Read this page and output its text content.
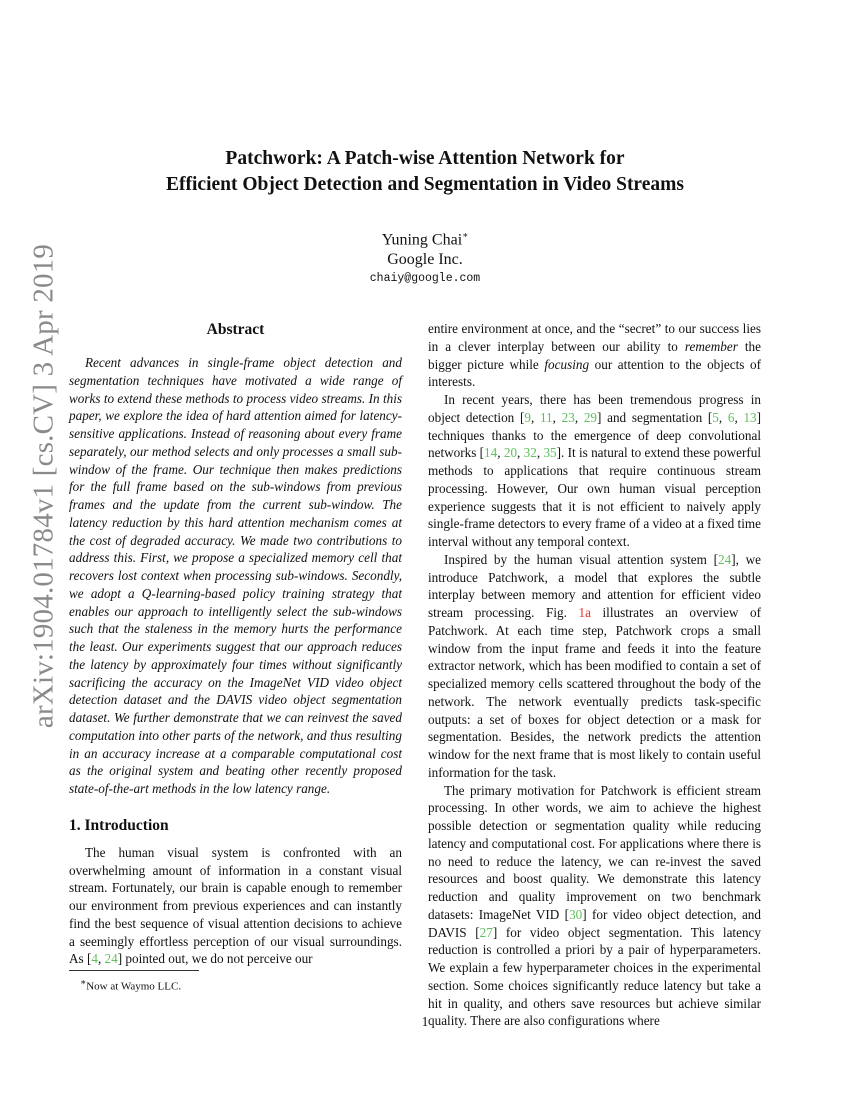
arXiv:1904.01784v1 [cs.CV] 3 Apr 2019
Patchwork: A Patch-wise Attention Network for
Efficient Object Detection and Segmentation in Video Streams
Yuning Chai∗
Google Inc.
chaiy@google.com
Abstract

Recent advances in single-frame object detection and segmentation techniques have motivated a wide range of works to extend these methods to process video streams. In this paper, we explore the idea of hard attention aimed for latency-sensitive applications. Instead of reasoning about every frame separately, our method selects and only processes a small sub-window of the frame. Our technique then makes predictions for the full frame based on the sub-windows from previous frames and the update from the current sub-window. The latency reduction by this hard attention mechanism comes at the cost of degraded accuracy. We made two contributions to address this. First, we propose a specialized memory cell that recovers lost context when processing sub-windows. Secondly, we adopt a Q-learning-based policy training strategy that enables our approach to intelligently select the sub-windows such that the staleness in the memory hurts the performance the least. Our experiments suggest that our approach reduces the latency by approximately four times without significantly sacrificing the accuracy on the ImageNet VID video object detection dataset and the DAVIS video object segmentation dataset. We further demonstrate that we can reinvest the saved computation into other parts of the network, and thus resulting in an accuracy increase at a comparable computational cost as the original system and beating other recently proposed state-of-the-art methods in the low latency range.

1. Introduction

The human visual system is confronted with an overwhelming amount of information in a constant visual stream. Fortunately, our brain is capable enough to remember our environment from previous experiences and can instantly find the best sequence of visual attention decisions to achieve a seemingly effortless perception of our visual surroundings. As [4, 24] pointed out, we do not perceive our

entire environment at once, and the “secret” to our success lies in a clever interplay between our ability to remember the bigger picture while focusing our attention to the objects of interests.

In recent years, there has been tremendous progress in object detection [9, 11, 23, 29] and segmentation [5, 6, 13] techniques thanks to the emergence of deep convolutional networks [14, 20, 32, 35]. It is natural to extend these powerful methods to applications that require continuous stream processing. However, Our own human visual perception experience suggests that it is not efficient to naively apply single-frame detectors to every frame of a video at a fixed time interval without any temporal context.

Inspired by the human visual attention system [24], we introduce Patchwork, a model that explores the subtle interplay between memory and attention for efficient video stream processing. Fig. 1a illustrates an overview of Patchwork. At each time step, Patchwork crops a small window from the input frame and feeds it into the feature extractor network, which has been modified to contain a set of specialized memory cells scattered throughout the body of the network. The network eventually predicts task-specific outputs: a set of boxes for object detection or a mask for segmentation. Besides, the network predicts the attention window for the next frame that is most likely to contain useful information for the task.

The primary motivation for Patchwork is efficient stream processing. In other words, we aim to achieve the highest possible detection or segmentation quality while reducing latency and computational cost. For applications where there is no need to reduce the latency, we can re-invest the saved resources and boost quality. We demonstrate this latency reduction and quality improvement on two benchmark datasets: ImageNet VID [30] for video object detection, and DAVIS [27] for video object segmentation. This latency reduction is controlled a priori by a pair of hyperparameters. We explain a few hyperparameter choices in the experimental section. Some choices significantly reduce latency but take a hit in quality, and others save resources but achieve similar quality. There are also configurations where

∗Now at Waymo LLC.
1
